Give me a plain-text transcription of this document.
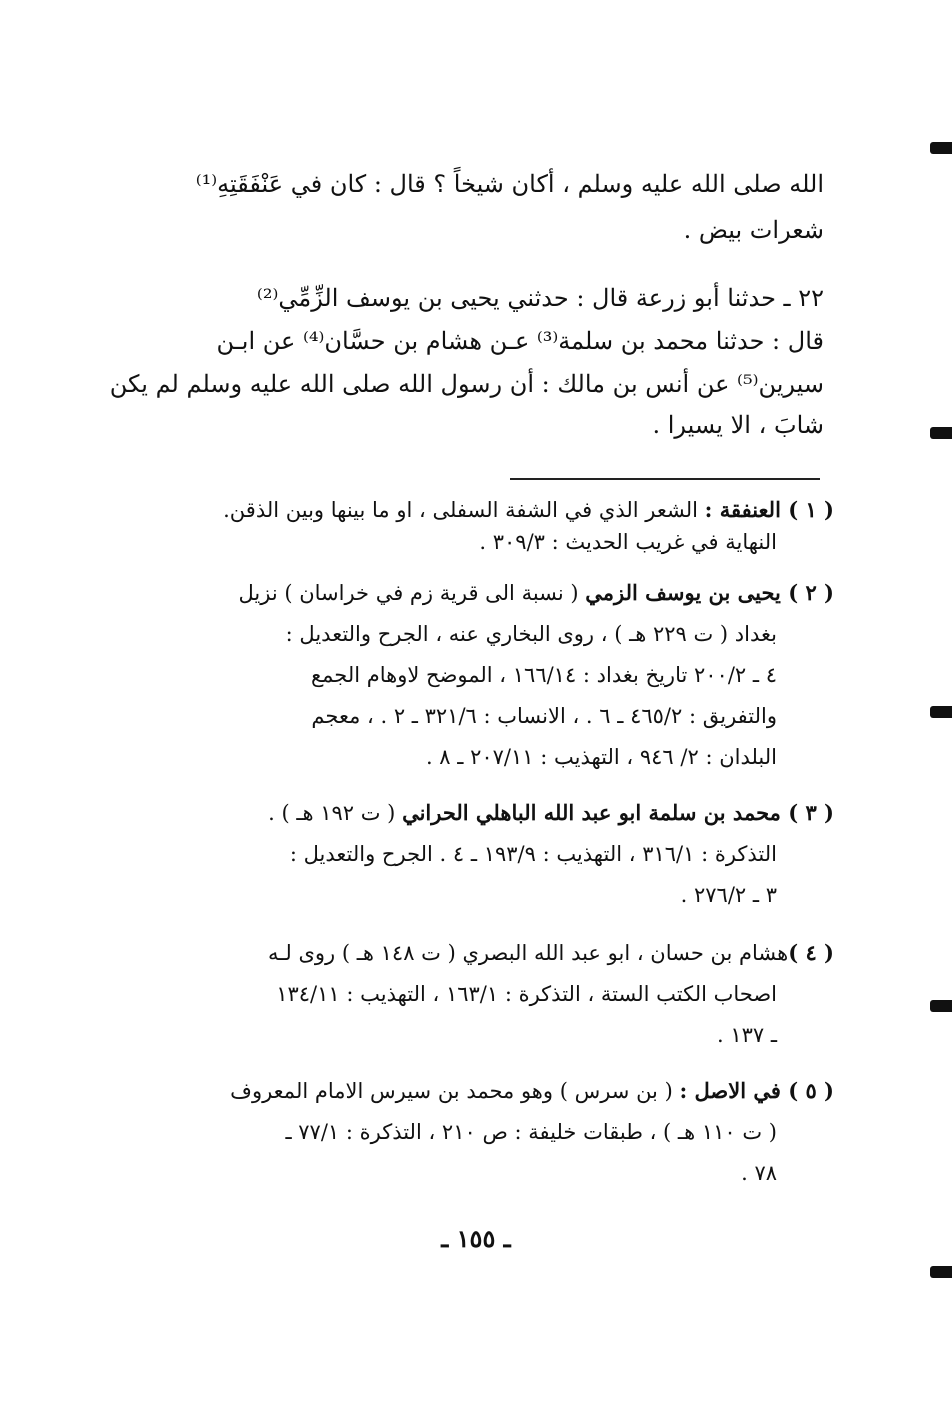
الله صلى الله عليه وسلم ، أكان شيخاً ؟ قال : كان في عَنْفَقَتِهِ⁽¹⁾
شعرات بيض .
٢٢ ـ حدثنا أبو زرعة قال : حدثني يحيى بن يوسف الزِّمِّي⁽²⁾
قال : حدثنا محمد بن سلمة⁽³⁾ عـن هشام بن حسَّان⁽⁴⁾ عن ابـن
سيرين⁽⁵⁾ عن أنس بن مالك : أن رسول الله صلى الله عليه وسلم لم يكن
شابَ ، الا يسيرا .
( ١ ) العنفقة : الشعر الذي في الشفة السفلى ، او ما بينها وبين الذقن.
النهاية في غريب الحديث : ٣٠٩/٣ .
( ٢ ) يحيى بن يوسف الزمي ( نسبة الى قرية زم في خراسان ) نزيل
بغداد ( ت ٢٢٩ هـ ) ، روى البخاري عنه ، الجرح والتعديل :
٤ ـ ٢٠٠/٢ تاريخ بغداد : ١٦٦/١٤ ، الموضح لاوهام الجمع
والتفريق : ٤٦٥/٢ ـ ٦ . ، الانساب : ٣٢١/٦ ـ ٢ . ، معجم
البلدان : ٢/ ٩٤٦ ، التهذيب : ٢٠٧/١١ ـ ٨ .
( ٣ ) محمد بن سلمة ابو عبد الله الباهلي الحراني ( ت ١٩٢ هـ ) .
التذكرة : ٣١٦/١ ، التهذيب : ١٩٣/٩ ـ ٤ . الجرح والتعديل :
٣ ـ ٢٧٦/٢ .
( ٤ )هشام بن حسان ، ابو عبد الله البصري ( ت ١٤٨ هـ ) روى لـه
اصحاب الكتب الستة ، التذكرة : ١٦٣/١ ، التهذيب : ١٣٤/١١
ـ ١٣٧ .
( ٥ ) في الاصل : ( بن سرس ) وهو محمد بن سيرس الامام المعروف
( ت ١١٠ هـ ) ، طبقات خليفة : ص ٢١٠ ، التذكرة : ٧٧/١ ـ
٧٨ .
ـ ١٥٥ ـ
